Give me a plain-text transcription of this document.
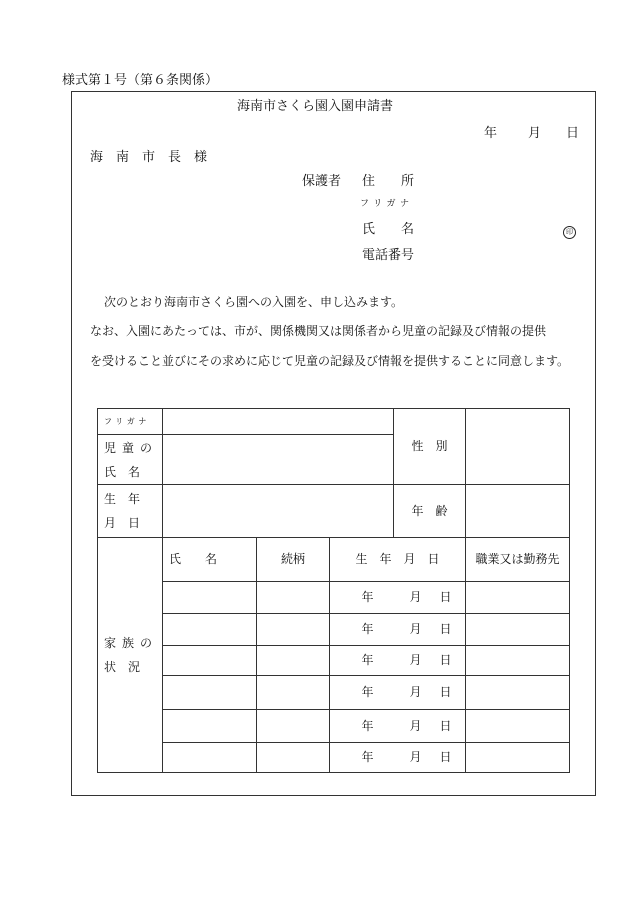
様式第１号（第６条関係）
海南市さくら園入園申請書
年 月 日
海　南　市　長　様
保護者 住　　所
フリガナ
氏　　名	印
電話番号
次のとおり海南市さくら園への入園を、申し込みます。
なお、入園にあたっては、市が、関係機関又は関係者から児童の記録及び情報の提供
を受けること並びにその求めに応じて児童の記録及び情報を提供することに同意します。
フリガナ				性　別	

児童の
氏　名					

生　年
月　日				年　齢	

家族の
状　況	氏　　名	続柄	生　年　月　日		職業又は勤務先
			年 月 日		
			年 月 日		
			年 月 日		
			年 月 日		
			年 月 日		
			年 月 日		
